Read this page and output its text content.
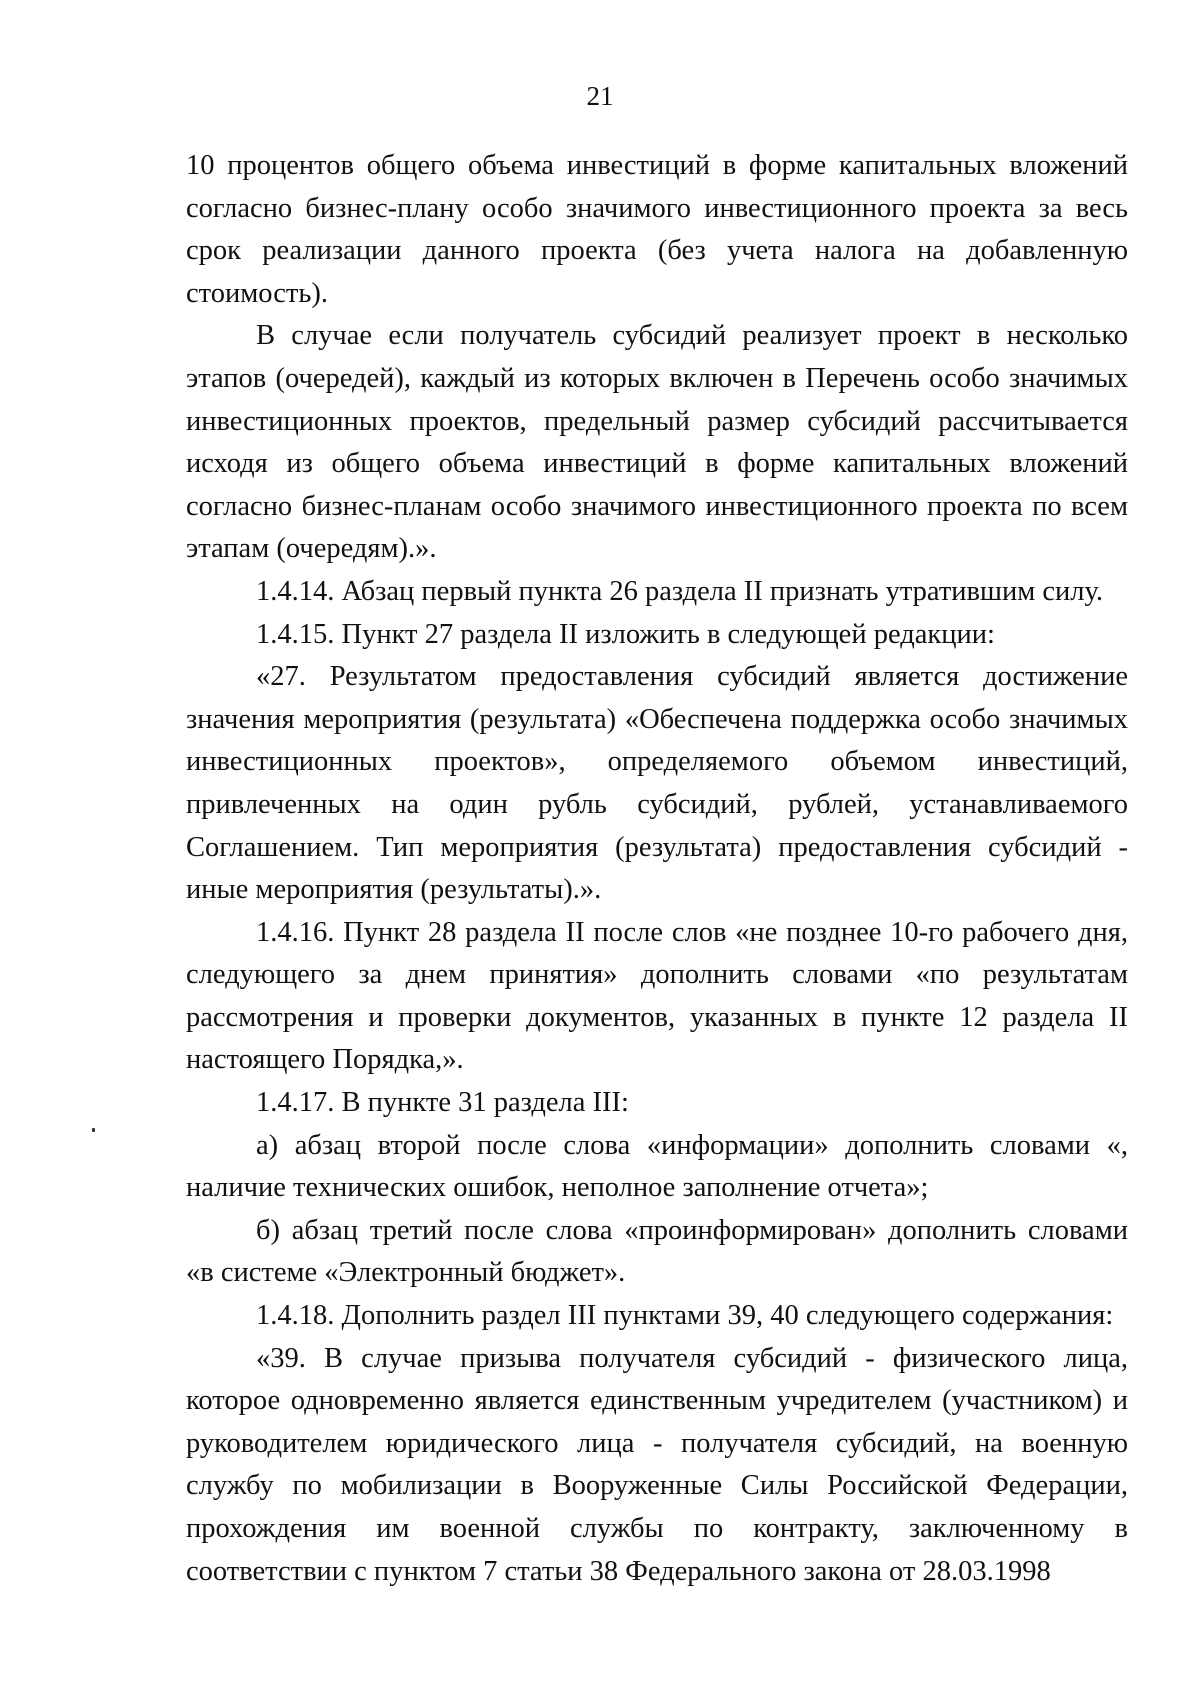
21

10 процентов общего объема инвестиций в форме капитальных вложений согласно бизнес-плану особо значимого инвестиционного проекта за весь срок реализации данного проекта (без учета налога на добавленную стоимость).

В случае если получатель субсидий реализует проект в несколько этапов (очередей), каждый из которых включен в Перечень особо значимых инвестиционных проектов, предельный размер субсидий рассчитывается исходя из общего объема инвестиций в форме капитальных вложений согласно бизнес-планам особо значимого инвестиционного проекта по всем этапам (очередям).».

1.4.14. Абзац первый пункта 26 раздела II признать утратившим силу.

1.4.15. Пункт 27 раздела II изложить в следующей редакции:

«27. Результатом предоставления субсидий является достижение значения мероприятия (результата) «Обеспечена поддержка особо значимых инвестиционных проектов», определяемого объемом инвестиций, привлеченных на один рубль субсидий, рублей, устанавливаемого Соглашением. Тип мероприятия (результата) предоставления субсидий - иные мероприятия (результаты).».

1.4.16. Пункт 28 раздела II после слов «не позднее 10-го рабочего дня, следующего за днем принятия» дополнить словами «по результатам рассмотрения и проверки документов, указанных в пункте 12 раздела II настоящего Порядка,».

1.4.17. В пункте 31 раздела III:

а) абзац второй после слова «информации» дополнить словами «, наличие технических ошибок, неполное заполнение отчета»;

б) абзац третий после слова «проинформирован» дополнить словами «в системе «Электронный бюджет».

1.4.18. Дополнить раздел III пунктами 39, 40 следующего содержания:

«39. В случае призыва получателя субсидий - физического лица, которое одновременно является единственным учредителем (участником) и руководителем юридического лица - получателя субсидий, на военную службу по мобилизации в Вооруженные Силы Российской Федерации, прохождения им военной службы по контракту, заключенному в соответствии с пунктом 7 статьи 38 Федерального закона от 28.03.1998
